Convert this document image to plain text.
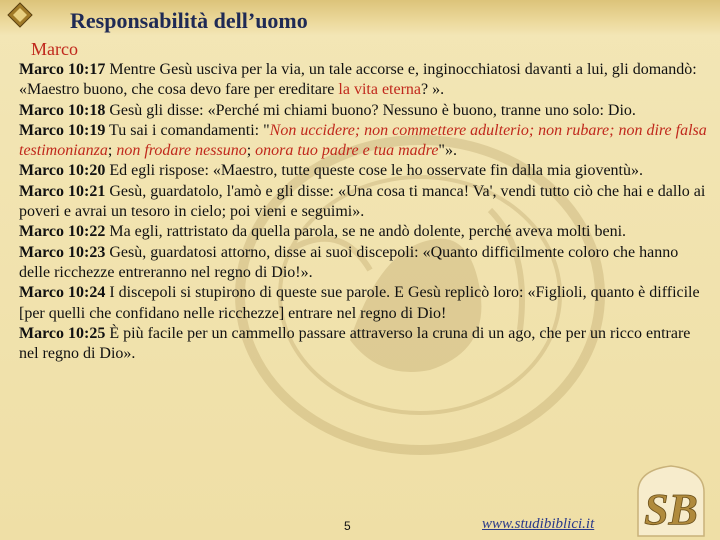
Responsabilità dell’uomo
Marco

Marco 10:17 Mentre Gesù usciva per la via, un tale accorse e, inginocchiatosi davanti a lui, gli domandò: «Maestro buono, che cosa devo fare per ereditare la vita eterna? ».

Marco 10:18 Gesù gli disse: «Perché mi chiami buono? Nessuno è buono, tranne uno solo: Dio.

Marco 10:19 Tu sai i comandamenti: "Non uccidere; non commettere adulterio; non rubare; non dire falsa testimonianza; non frodare nessuno; onora tuo padre e tua madre"».

Marco 10:20 Ed egli rispose: «Maestro, tutte queste cose le ho osservate fin dalla mia gioventù».

Marco 10:21 Gesù, guardatolo, l'amò e gli disse: «Una cosa ti manca! Va', vendi tutto ciò che hai e dallo ai poveri e avrai un tesoro in cielo; poi vieni e seguimi».

Marco 10:22 Ma egli, rattristato da quella parola, se ne andò dolente, perché aveva molti beni.

Marco 10:23 Gesù, guardatosi attorno, disse ai suoi discepoli: «Quanto difficilmente coloro che hanno delle ricchezze entreranno nel regno di Dio!».

Marco 10:24 I discepoli si stupirono di queste sue parole. E Gesù replicò loro: «Figlioli, quanto è difficile [per quelli che confidano nelle ricchezze] entrare nel regno di Dio!

Marco 10:25 È più facile per un cammello passare attraverso la cruna di un ago, che per un ricco entrare nel regno di Dio».

5	www.studibiblici.it SB
